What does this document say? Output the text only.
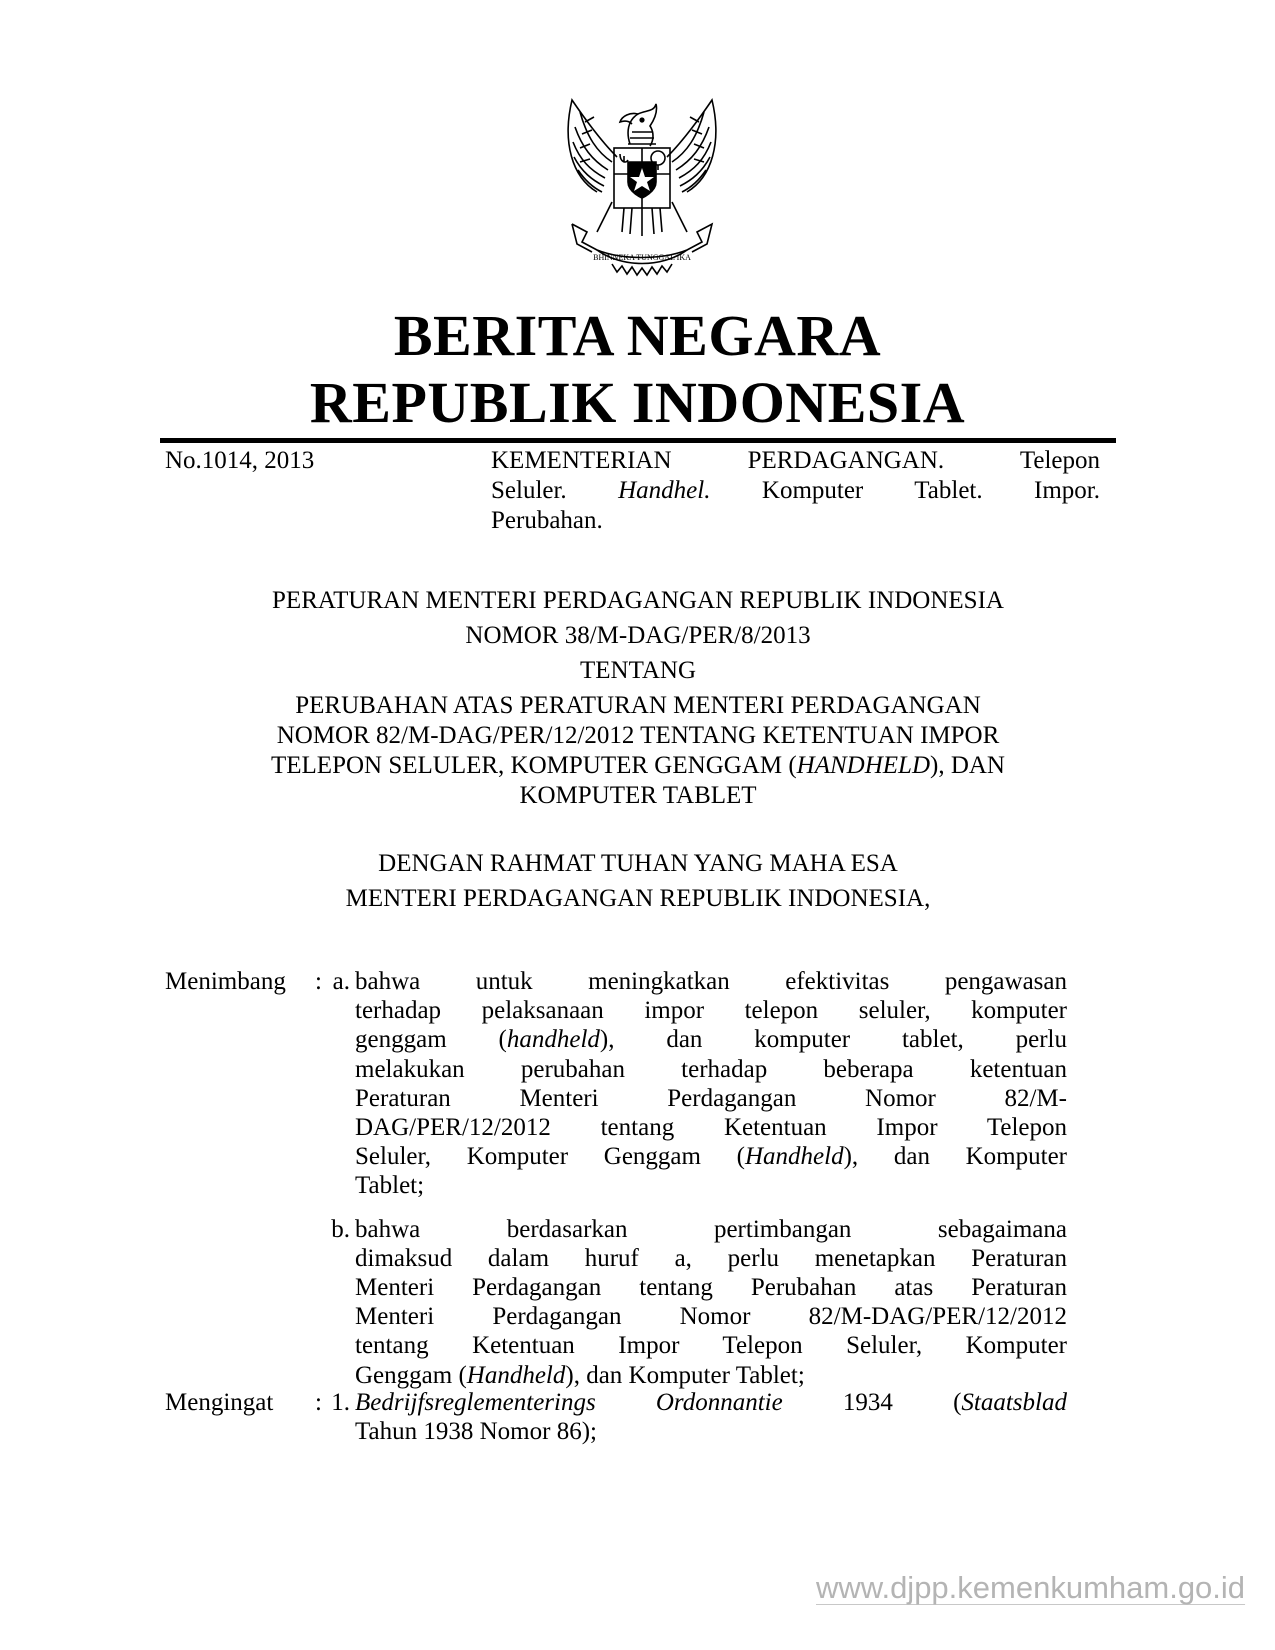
BHINNEKA TUNGGAL IKA
BERITA NEGARA
REPUBLIK INDONESIA
No.1014, 2013	KEMENTERIAN	PERDAGANGAN.	Telepon
Seluler. Handhel. Komputer Tablet. Impor.
Perubahan.
PERATURAN MENTERI PERDAGANGAN REPUBLIK INDONESIA
NOMOR 38/M-DAG/PER/8/2013
TENTANG
PERUBAHAN ATAS PERATURAN MENTERI PERDAGANGAN
NOMOR 82/M-DAG/PER/12/2012 TENTANG KETENTUAN IMPOR
TELEPON SELULER, KOMPUTER GENGGAM (HANDHELD), DAN
KOMPUTER TABLET
DENGAN RAHMAT TUHAN YANG MAHA ESA
MENTERI PERDAGANGAN REPUBLIK INDONESIA,
Menimbang	: a. bahwa untuk meningkatkan efektivitas pengawasan
terhadap pelaksanaan impor telepon seluler, komputer
genggam (handheld), dan komputer tablet, perlu
melakukan perubahan terhadap beberapa ketentuan
Peraturan Menteri Perdagangan Nomor 82/M-
DAG/PER/12/2012 tentang Ketentuan Impor Telepon
Seluler, Komputer Genggam (Handheld), dan Komputer
Tablet;
b. bahwa berdasarkan pertimbangan sebagaimana
dimaksud dalam huruf a, perlu menetapkan Peraturan
Menteri Perdagangan tentang Perubahan atas Peraturan
Menteri Perdagangan Nomor 82/M-DAG/PER/12/2012
tentang Ketentuan Impor Telepon Seluler, Komputer
Genggam (Handheld), dan Komputer Tablet;
Mengingat	: 1. Bedrijfsreglementerings Ordonnantie 1934 (Staatsblad
Tahun 1938 Nomor 86);
www.djpp.kemenkumham.go.id
